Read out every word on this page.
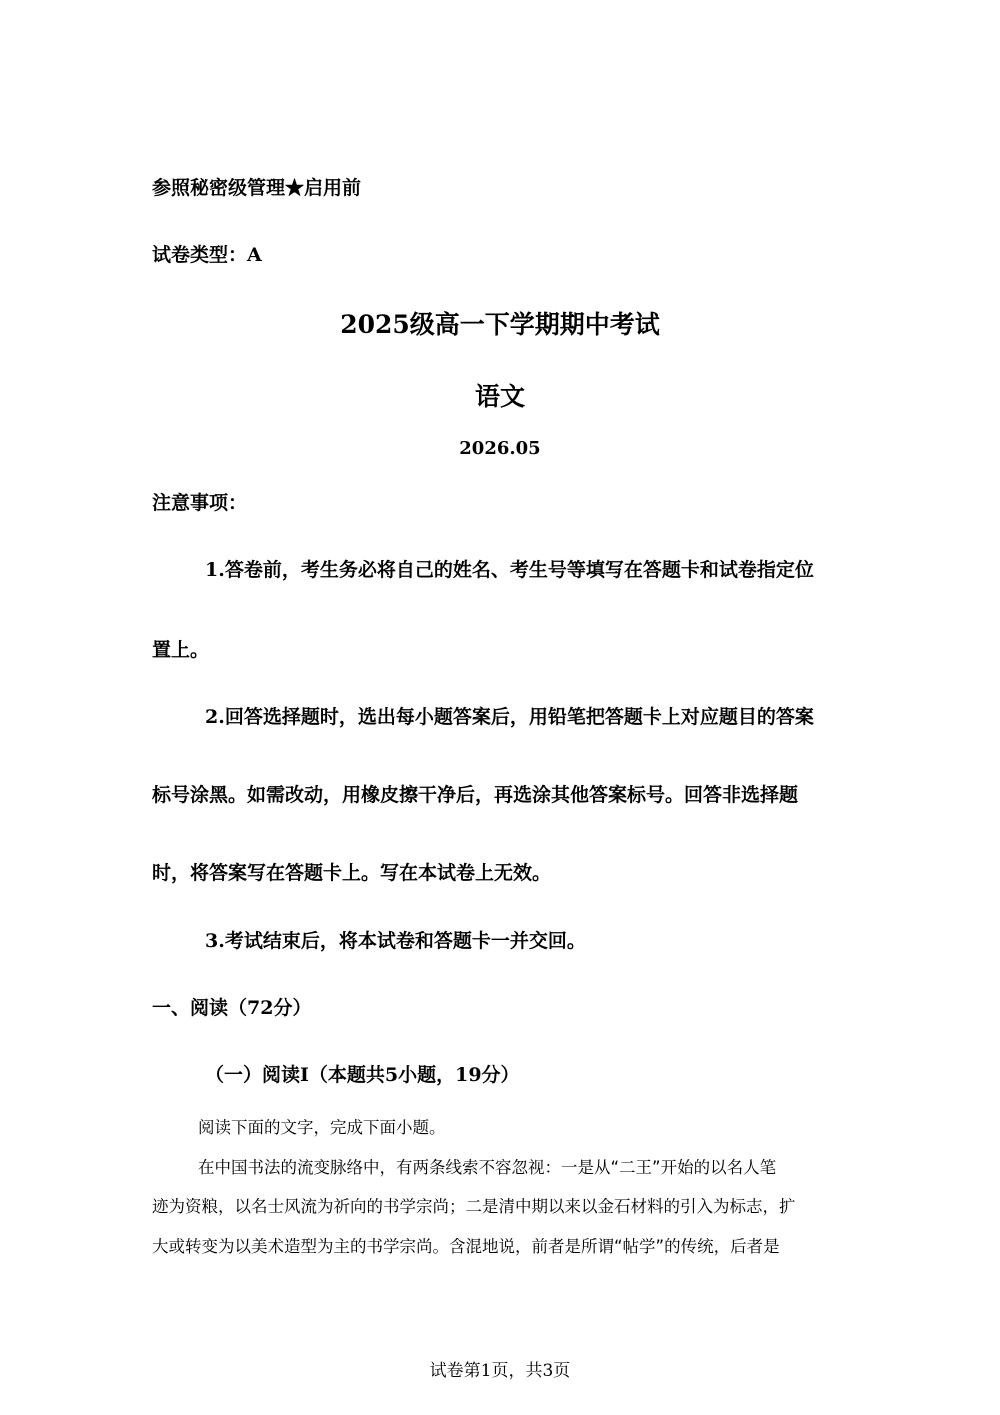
参照秘密级管理★启用前
试卷类型：A
2025级高一下学期期中考试
语文
2026.05
注意事项：
1.答卷前，考生务必将自己的姓名、考生号等填写在答题卡和试卷指定位
置上。
2.回答选择题时，选出每小题答案后，用铅笔把答题卡上对应题目的答案
标号涂黑。如需改动，用橡皮擦干净后，再选涂其他答案标号。回答非选择题
时，将答案写在答题卡上。写在本试卷上无效。
3.考试结束后，将本试卷和答题卡一并交回。
一、阅读（72分）
（一）阅读Ⅰ（本题共5小题，19分）
阅读下面的文字，完成下面小题。
在中国书法的流变脉络中，有两条线索不容忽视：一是从“二王”开始的以名人笔
迹为资粮，以名士风流为祈向的书学宗尚；二是清中期以来以金石材料的引入为标志，扩
大或转变为以美术造型为主的书学宗尚。含混地说，前者是所谓“帖学”的传统，后者是
试卷第1页，共3页
